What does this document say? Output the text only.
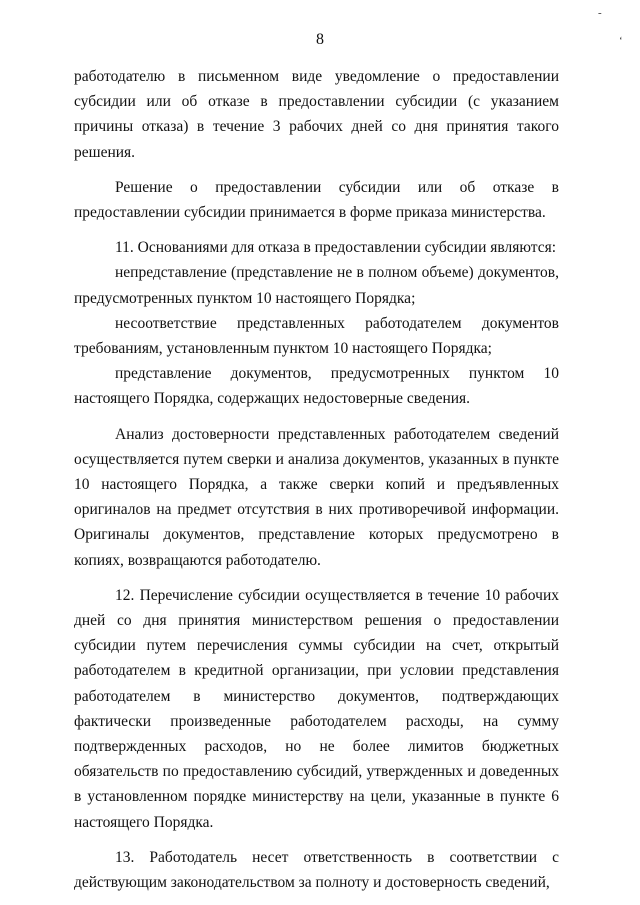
-
ʻ
8

работодателю в письменном виде уведомление о предоставлении субсидии или об отказе в предоставлении субсидии (с указанием причины отказа) в течение 3 рабочих дней со дня принятия такого решения.

Решение о предоставлении субсидии или об отказе в предоставлении субсидии принимается в форме приказа министерства.

11. Основаниями для отказа в предоставлении субсидии являются:

непредставление (представление не в полном объеме) документов, предусмотренных пунктом 10 настоящего Порядка;

несоответствие представленных работодателем документов требованиям, установленным пунктом 10 настоящего Порядка;

представление документов, предусмотренных пунктом 10 настоящего Порядка, содержащих недостоверные сведения.

Анализ достоверности представленных работодателем сведений осуществляется путем сверки и анализа документов, указанных в пункте 10 настоящего Порядка, а также сверки копий и предъявленных оригиналов на предмет отсутствия в них противоречивой информации. Оригиналы документов, представление которых предусмотрено в копиях, возвращаются работодателю.

12. Перечисление субсидии осуществляется в течение 10 рабочих дней со дня принятия министерством решения о предоставлении субсидии путем перечисления суммы субсидии на счет, открытый работодателем в кредитной организации, при условии представления работодателем в министерство документов, подтверждающих фактически произведенные работодателем расходы, на сумму подтвержденных расходов, но не более лимитов бюджетных обязательств по предоставлению субсидий, утвержденных и доведенных в установленном порядке министерству на цели, указанные в пункте 6 настоящего Порядка.

13. Работодатель несет ответственность в соответствии с действующим законодательством за полноту и достоверность сведений,
